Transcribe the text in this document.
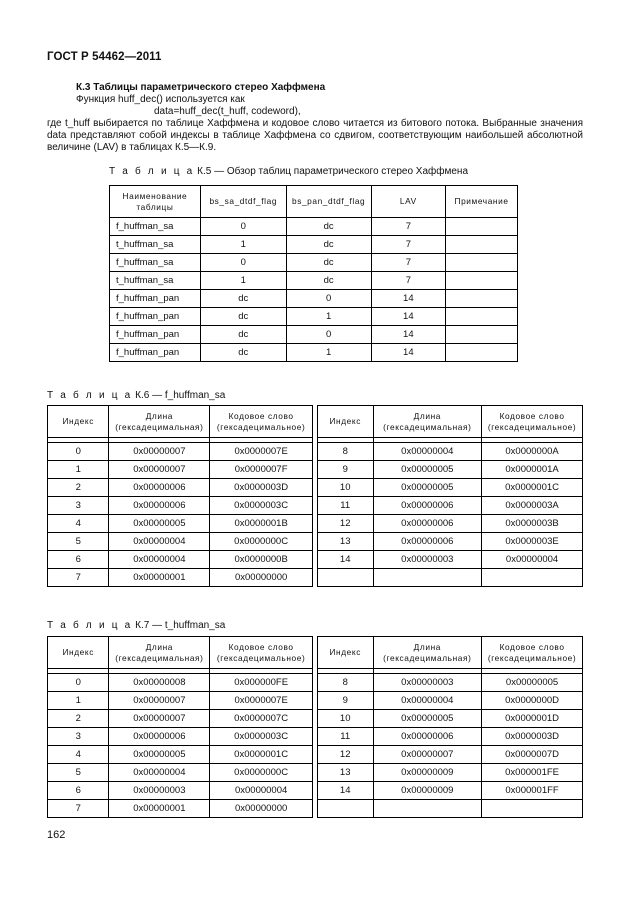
ГОСТ Р 54462—2011
К.3 Таблицы параметрического стерео Хаффмена
Функция huff_dec() используется как
data=huff_dec(t_huff, codeword),
где t_huff выбирается по таблице Хаффмена и кодовое слово читается из битового потока. Выбранные значения data представляют собой индексы в таблице Хаффмена со сдвигом, соответствующим наибольшей абсолютной величине (LAV) в таблицах К.5—К.9.
Т а б л и ц а К.5 — Обзор таблиц параметрического стерео Хаффмена
Наименование таблицы	bs_sa_dtdf_flag	bs_pan_dtdf_flag	LAV	Примечание
f_huffman_sa	0	dc	7	
t_huffman_sa	1	dc	7	
f_huffman_sa	0	dc	7	
t_huffman_sa	1	dc	7	
f_huffman_pan	dc	0	14	
f_huffman_pan	dc	1	14	
f_huffman_pan	dc	0	14	
f_huffman_pan	dc	1	14	
Т а б л и ц а К.6 — f_huffman_sa
Индекс	Длина (гексадецимальная)	Кодовое слово (гексадецимальное)		Индекс	Длина (гексадецимальная)	Кодовое слово (гексадецимальное)

0	0x00000007	0x0000007E		8	0x00000004	0x0000000A
1	0x00000007	0x0000007F		9	0x00000005	0x0000001A
2	0x00000006	0x0000003D		10	0x00000005	0x0000001C
3	0x00000006	0x0000003C		11	0x00000006	0x0000003A
4	0x00000005	0x0000001B		12	0x00000006	0x0000003B
5	0x00000004	0x0000000C		13	0x00000006	0x0000003E
6	0x00000004	0x0000000B		14	0x00000003	0x00000004
7	0x00000001	0x00000000				
Т а б л и ц а К.7 — t_huffman_sa
Индекс	Длина (гексадецимальная)	Кодовое слово (гексадецимальное)		Индекс	Длина (гексадецимальная)	Кодовое слово (гексадецимальное)

0	0x00000008	0x000000FE		8	0x00000003	0x00000005
1	0x00000007	0x0000007E		9	0x00000004	0x0000000D
2	0x00000007	0x0000007C		10	0x00000005	0x0000001D
3	0x00000006	0x0000003C		11	0x00000006	0x0000003D
4	0x00000005	0x0000001C		12	0x00000007	0x0000007D
5	0x00000004	0x0000000C		13	0x00000009	0x000001FE
6	0x00000003	0x00000004		14	0x00000009	0x000001FF
7	0x00000001	0x00000000				
162
